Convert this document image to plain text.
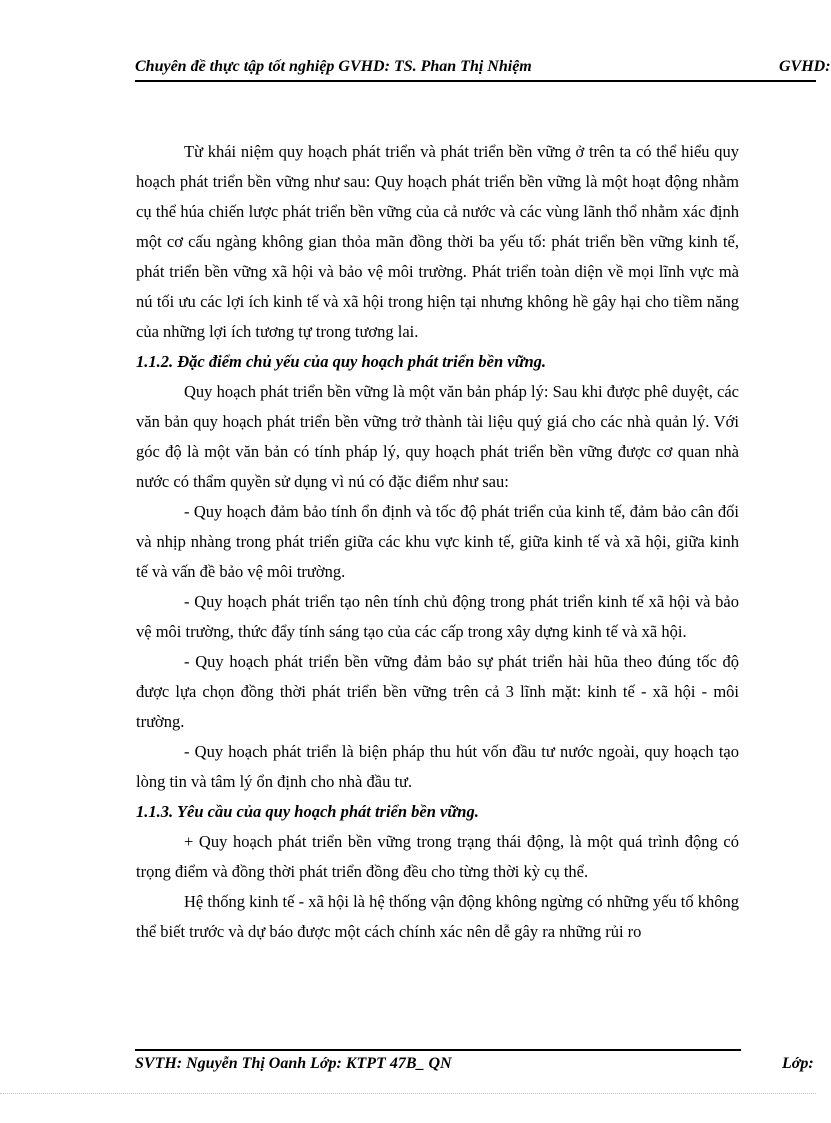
Chuyên đề thực tập tốt nghiệp GVHD: TS. Phan Thị Nhiệm	GVHD:

Từ khái niệm quy hoạch phát triển và phát triển bền vững ở trên ta có thể hiểu quy hoạch phát triển bền vững như sau: Quy hoạch phát triển bền vững là một hoạt động nhằm cụ thể húa chiến lược phát triển bền vững của cả nước và các vùng lãnh thổ nhằm xác định một cơ cấu ngàng không gian thỏa mãn đồng thời ba yếu tố: phát triển bền vững kinh tế, phát triển bền vững xã hội và bảo vệ môi trường. Phát triển toàn diện về mọi lĩnh vực mà nú tối ưu các lợi ích kinh tế và xã hội trong hiện tại nhưng không hề gây hại cho tiềm năng của những lợi ích tương tự trong tương lai.

1.1.2. Đặc điểm chủ yếu của quy hoạch phát triển bền vững.

Quy hoạch phát triển bền vững là một văn bản pháp lý: Sau khi được phê duyệt, các văn bản quy hoạch phát triển bền vững trở thành tài liệu quý giá cho các nhà quản lý. Với góc độ là một văn bản có tính pháp lý, quy hoạch phát triển bền vững được cơ quan nhà nước có thẩm quyền sử dụng vì nú có đặc điểm như sau:

- Quy hoạch đảm bảo tính ổn định và tốc độ phát triển của kinh tế, đảm bảo cân đối và nhịp nhàng trong phát triển giữa các khu vực kinh tế, giữa kinh tế và xã hội, giữa kinh tế và vấn đề bảo vệ môi trường.

- Quy hoạch phát triển tạo nên tính chủ động trong phát triển kinh tế xã hội và bảo vệ môi trường, thức đẩy tính sáng tạo của các cấp trong xây dựng kinh tế và xã hội.

- Quy hoạch phát triển bền vững đảm bảo sự phát triển hài hũa theo đúng tốc độ được lựa chọn đồng thời phát triển bền vững trên cả 3 lĩnh mặt: kinh tế - xã hội - môi trường.

- Quy hoạch phát triển là biện pháp thu hút vốn đầu tư nước ngoài, quy hoạch tạo lòng tin và tâm lý ổn định cho nhà đầu tư.

1.1.3. Yêu cầu của quy hoạch phát triển bền vững.

+ Quy hoạch phát triển bền vững trong trạng thái động, là một quá trình động có trọng điểm và đồng thời phát triển đồng đều cho từng thời kỳ cụ thể.

Hệ thống kinh tế - xã hội là hệ thống vận động không ngừng có những yếu tố không thể biết trước và dự báo được một cách chính xác nên dễ gây ra những rủi ro

SVTH: Nguyễn Thị Oanh Lớp: KTPT 47B_ QN	Lớp:
